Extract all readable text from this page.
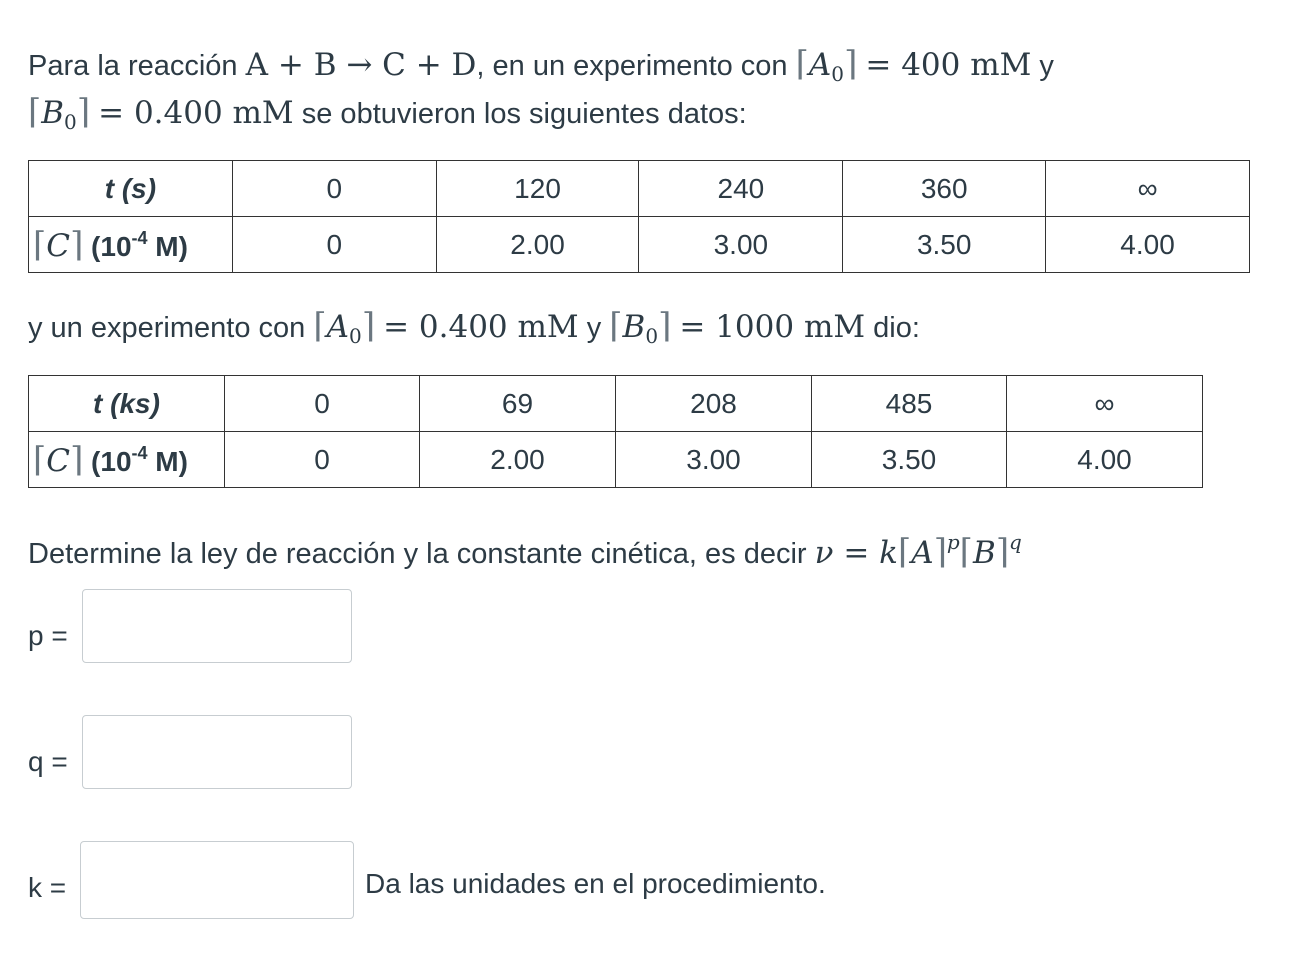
Para la reacción A + B → C + D, en un experimento con $⌈A_0⌉ = 400$ mM y
$⌈B_0⌉ = 0.400$ mM se obtuvieron los siguientes datos:
t (s)	0	120	240	360	∞
⌈C⌉ ($10^{-4}$ M)	0	2.00	3.00	3.50	4.00
y un experimento con $⌈A_0⌉ = 0.400$ mM y $⌈B_0⌉ = 1000$ mM dio:
t (ks)	0	69	208	485	∞
⌈C⌉ ($10^{-4}$ M)	0	2.00	3.00	3.50	4.00
Determine la ley de reacción y la constante cinética, es decir ν = k⌈A⌉$^p$⌈B⌉$^q$
p =
q =
k =	Da las unidades en el procedimiento.
